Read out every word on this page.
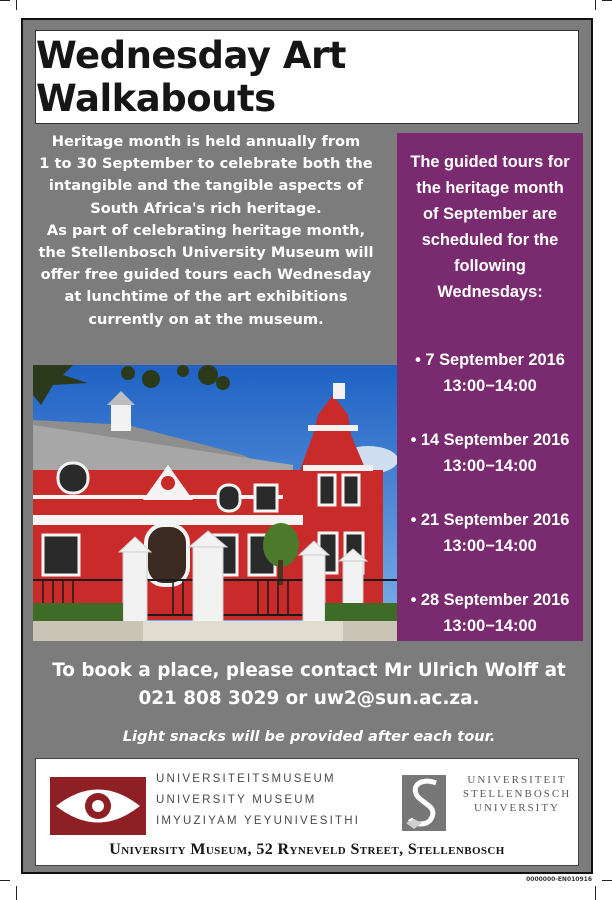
Wednesday Art Walkabouts

Heritage month is held annually from

1 to 30 September to celebrate both the

intangible and the tangible aspects of

South Africa's rich heritage.

As part of celebrating heritage month,

the Stellenbosch University Museum will

offer free guided tours each Wednesday

at lunchtime of the art exhibitions

currently on at the museum.

The guided tours for
the heritage month
of September are
scheduled for the
following
Wednesdays:
• 7 September 2016
13:00−14:00
• 14 September 2016
13:00−14:00
• 21 September 2016
13:00−14:00
• 28 September 2016
13:00−14:00

To book a place, please contact Mr Ulrich Wolff at

021 808 3029 or uw2@sun.ac.za.

Light snacks will be provided after each tour.
UNIVERSITEITSMUSEUM
UNIVERSITY MUSEUM
IMYUZIYAM YEYUNIVESITHI
UNIVERSITEIT
STELLENBOSCH
UNIVERSITY
University Museum, 52 Ryneveld Street, Stellenbosch
0000000-EN010916
